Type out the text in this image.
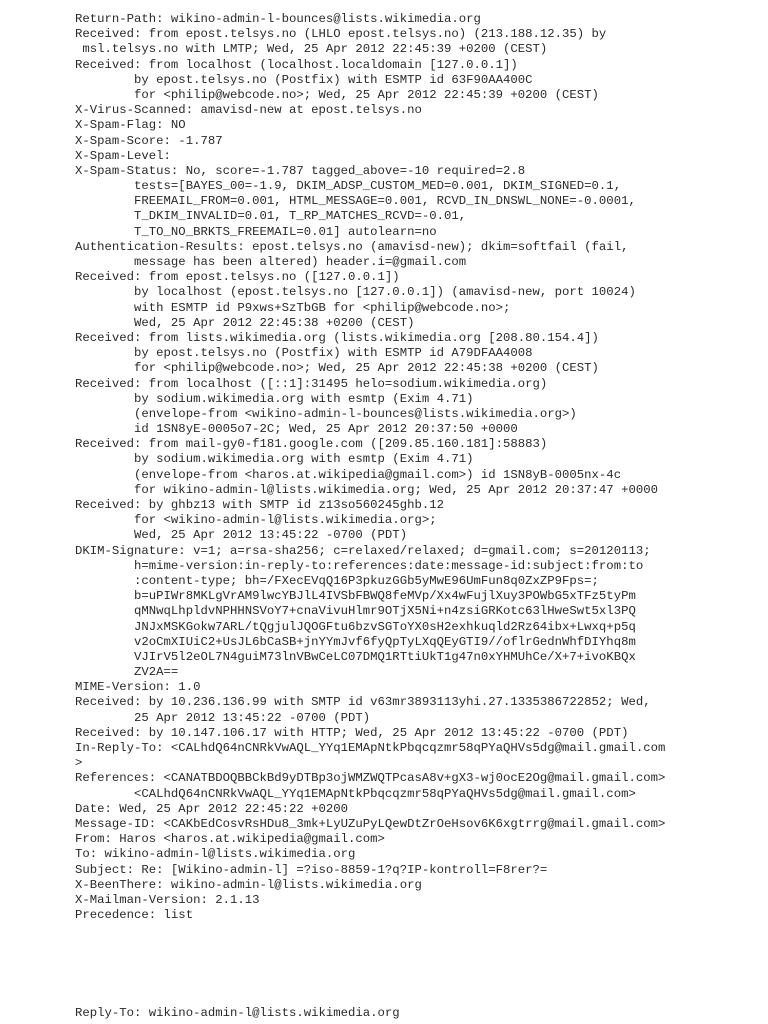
Return-Path: wikino-admin-l-bounces@lists.wikimedia.org
Received: from epost.telsys.no (LHLO epost.telsys.no) (213.188.12.35) by
msl.telsys.no with LMTP; Wed, 25 Apr 2012 22:45:39 +0200 (CEST)
Received: from localhost (localhost.localdomain [127.0.0.1])
by epost.telsys.no (Postfix) with ESMTP id 63F90AA400C
for <philip@webcode.no>; Wed, 25 Apr 2012 22:45:39 +0200 (CEST)
X-Virus-Scanned: amavisd-new at epost.telsys.no
X-Spam-Flag: NO
X-Spam-Score: -1.787
X-Spam-Level:
X-Spam-Status: No, score=-1.787 tagged_above=-10 required=2.8
tests=[BAYES_00=-1.9, DKIM_ADSP_CUSTOM_MED=0.001, DKIM_SIGNED=0.1,
FREEMAIL_FROM=0.001, HTML_MESSAGE=0.001, RCVD_IN_DNSWL_NONE=-0.0001,
T_DKIM_INVALID=0.01, T_RP_MATCHES_RCVD=-0.01,
T_TO_NO_BRKTS_FREEMAIL=0.01] autolearn=no
Authentication-Results: epost.telsys.no (amavisd-new); dkim=softfail (fail,
message has been altered) header.i=@gmail.com
Received: from epost.telsys.no ([127.0.0.1])
by localhost (epost.telsys.no [127.0.0.1]) (amavisd-new, port 10024)
with ESMTP id P9xws+SzTbGB for <philip@webcode.no>;
Wed, 25 Apr 2012 22:45:38 +0200 (CEST)
Received: from lists.wikimedia.org (lists.wikimedia.org [208.80.154.4])
by epost.telsys.no (Postfix) with ESMTP id A79DFAA4008
for <philip@webcode.no>; Wed, 25 Apr 2012 22:45:38 +0200 (CEST)
Received: from localhost ([::1]:31495 helo=sodium.wikimedia.org)
by sodium.wikimedia.org with esmtp (Exim 4.71)
(envelope-from <wikino-admin-l-bounces@lists.wikimedia.org>)
id 1SN8yE-0005o7-2C; Wed, 25 Apr 2012 20:37:50 +0000
Received: from mail-gy0-f181.google.com ([209.85.160.181]:58883)
by sodium.wikimedia.org with esmtp (Exim 4.71)
(envelope-from <haros.at.wikipedia@gmail.com>) id 1SN8yB-0005nx-4c
for wikino-admin-l@lists.wikimedia.org; Wed, 25 Apr 2012 20:37:47 +0000
Received: by ghbz13 with SMTP id z13so560245ghb.12
for <wikino-admin-l@lists.wikimedia.org>;
Wed, 25 Apr 2012 13:45:22 -0700 (PDT)
DKIM-Signature: v=1; a=rsa-sha256; c=relaxed/relaxed; d=gmail.com; s=20120113;
h=mime-version:in-reply-to:references:date:message-id:subject:from:to
:content-type; bh=/FXecEVqQ16P3pkuzGGb5yMwE96UmFun8q0ZxZP9Fps=;
b=uPIWr8MKLgVrAM9lwcYBJlL4IVSbFBWQ8feMVp/Xx4wFujlXuy3POWbG5xTFz5tyPm
qMNwqLhpldvNPHHNSVoY7+cnaVivuHlmr9OTjX5Ni+n4zsiGRKotc63lHweSwt5xl3PQ
JNJxMSKGokw7ARL/tQgjulJQOGFtu6bzvSGToYX0sH2exhkuqld2Rz64ibx+Lwxq+p5q
v2oCmXIUiC2+UsJL6bCaSB+jnYYmJvf6fyQpTyLXqQEyGTI9//oflrGednWhfDIYhq8m
VJIrV5l2eOL7N4guiM73lnVBwCeLC07DMQ1RTtiUkT1g47n0xYHMUhCe/X+7+ivoKBQx
ZV2A==
MIME-Version: 1.0
Received: by 10.236.136.99 with SMTP id v63mr3893113yhi.27.1335386722852; Wed,
25 Apr 2012 13:45:22 -0700 (PDT)
Received: by 10.147.106.17 with HTTP; Wed, 25 Apr 2012 13:45:22 -0700 (PDT)
In-Reply-To: <CALhdQ64nCNRkVwAQL_YYq1EMApNtkPbqcqzmr58qPYaQHVs5dg@mail.gmail.com
>
References: <CANATBDOQBBCkBd9yDTBp3ojWMZWQTPcasA8v+gX3-wj0ocE2Og@mail.gmail.com>
<CALhdQ64nCNRkVwAQL_YYq1EMApNtkPbqcqzmr58qPYaQHVs5dg@mail.gmail.com>
Date: Wed, 25 Apr 2012 22:45:22 +0200
Message-ID: <CAKbEdCosvRsHDu8_3mk+LyUZuPyLQewDtZrOeHsov6K6xgtrrg@mail.gmail.com>
From: Haros <haros.at.wikipedia@gmail.com>
To: wikino-admin-l@lists.wikimedia.org
Subject: Re: [Wikino-admin-l] =?iso-8859-1?q?IP-kontroll=F8rer?=
X-BeenThere: wikino-admin-l@lists.wikimedia.org
X-Mailman-Version: 2.1.13
Precedence: list
Reply-To: wikino-admin-l@lists.wikimedia.org
